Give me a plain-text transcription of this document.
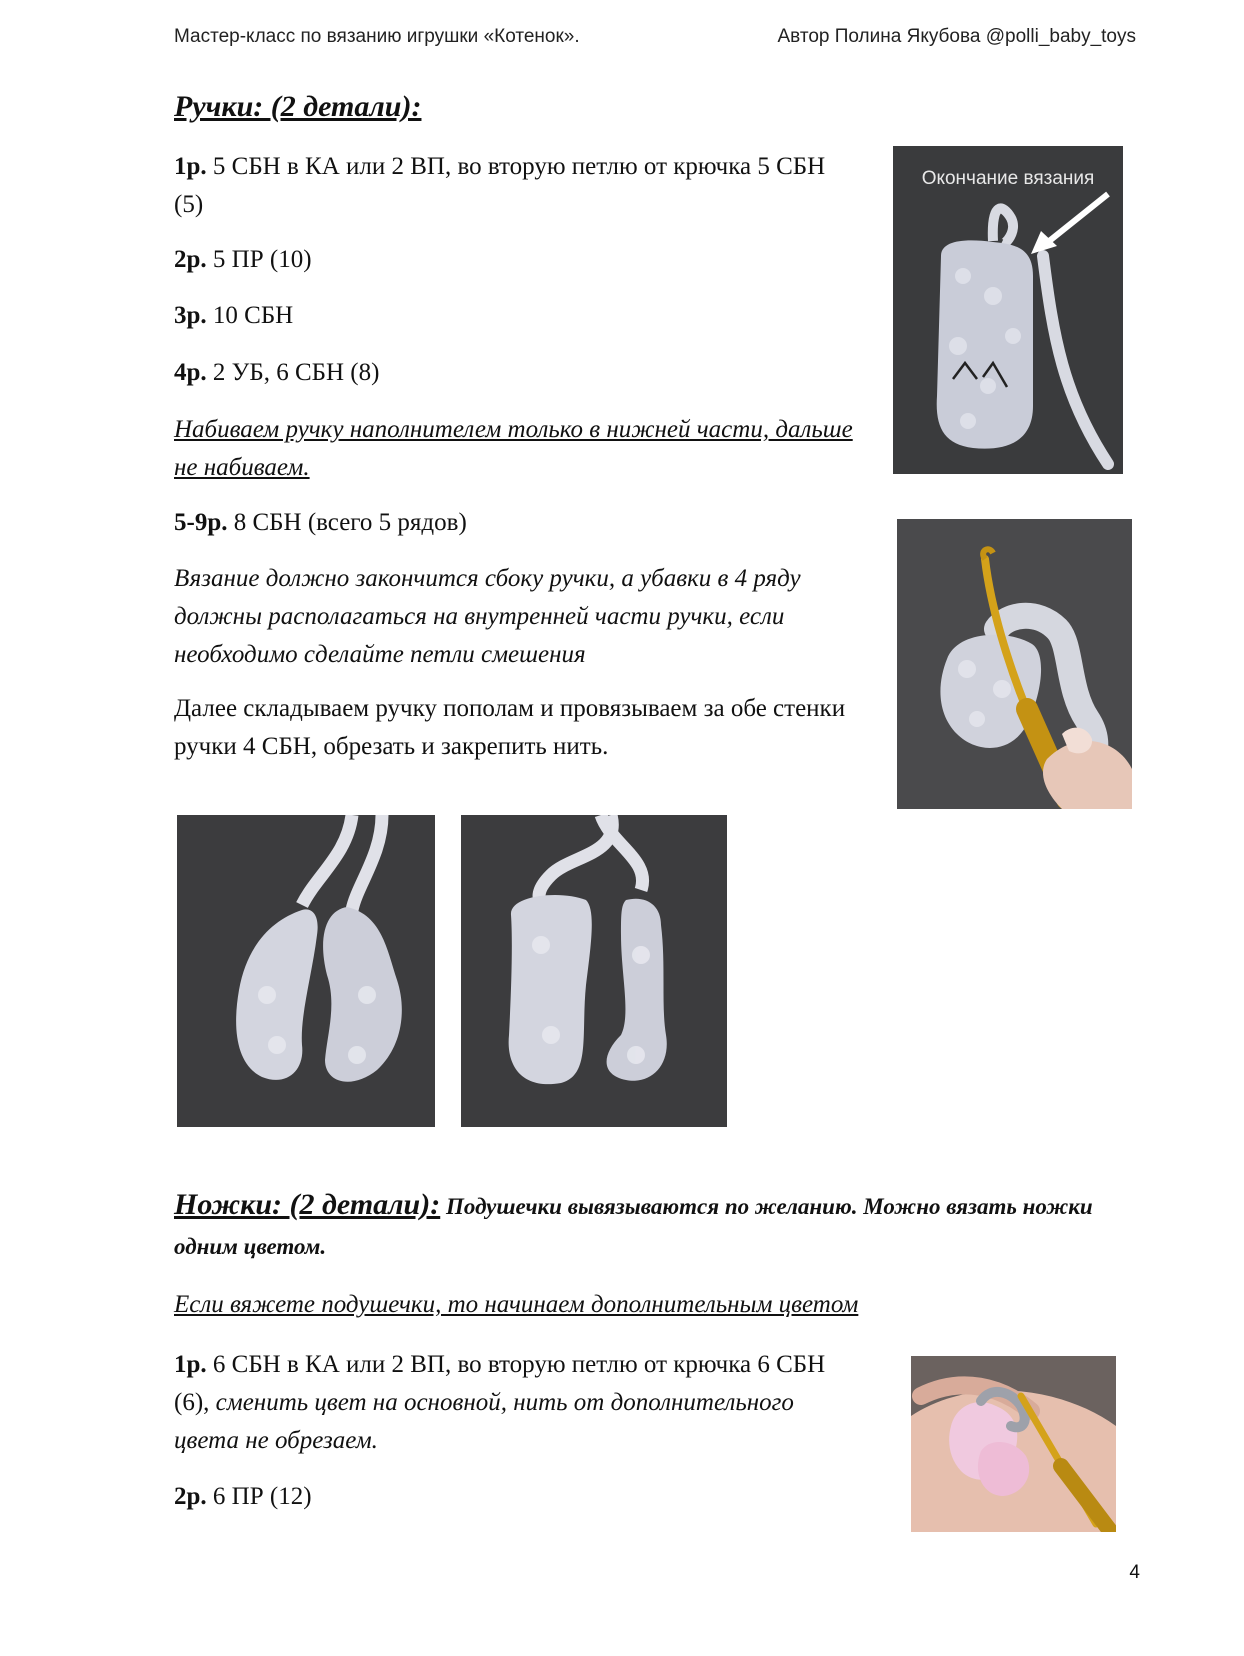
Мастер-класс по вязанию игрушки «Котенок».	Автор Полина Якубова @polli_baby_toys
Ручки: (2 детали):

1р. 5 СБН в КА или 2 ВП, во вторую петлю от крючка 5 СБН (5)

2р. 5 ПР (10)

3р. 10 СБН

4р. 2 УБ, 6 СБН (8)

Набиваем ручку наполнителем только в нижней части, дальше не набиваем.

5-9р. 8 СБН (всего 5 рядов)

Вязание должно закончится сбоку ручки, а убавки в 4 ряду должны располагаться на внутренней части ручки, если необходимо сделайте петли смешения

Далее складываем ручку пополам и провязываем за обе стенки ручки 4 СБН, обрезать и закрепить нить.

Окончание вязания
Ножки: (2 детали): Подушечки вывязываются по желанию. Можно вязать ножки одним цветом.

Если вяжете подушечки, то начинаем дополнительным цветом

1р. 6 СБН в КА или 2 ВП, во вторую петлю от крючка 6 СБН (6), сменить цвет на основной, нить от дополнительного цвета не обрезаем.

2р. 6 ПР (12)

4
